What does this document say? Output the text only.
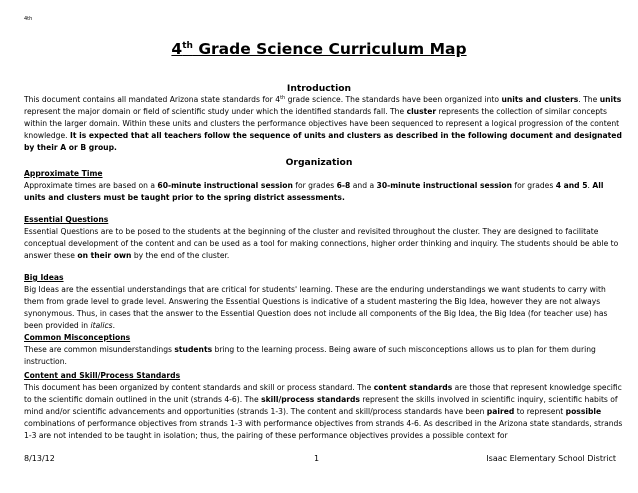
4th
4th Grade Science Curriculum Map
Introduction

This document contains all mandated Arizona state standards for 4th grade science. The standards have been organized into units and clusters. The units represent the major domain or field of scientific study under which the identified standards fall. The cluster represents the collection of similar concepts within the larger domain. Within these units and clusters the performance objectives have been sequenced to represent a logical progression of the content knowledge. It is expected that all teachers follow the sequence of units and clusters as described in the following document and designated by their A or B group.

Organization
Approximate Time

Approximate times are based on a 60-minute instructional session for grades 6-8 and a 30-minute instructional session for grades 4 and 5. All units and clusters must be taught prior to the spring district assessments.

Essential Questions

Essential Questions are to be posed to the students at the beginning of the cluster and revisited throughout the cluster. They are designed to facilitate conceptual development of the content and can be used as a tool for making connections, higher order thinking and inquiry. The students should be able to answer these on their own by the end of the cluster.

Big Ideas

Big Ideas are the essential understandings that are critical for students' learning. These are the enduring understandings we want students to carry with them from grade level to grade level. Answering the Essential Questions is indicative of a student mastering the Big Idea, however they are not always synonymous. Thus, in cases that the answer to the Essential Question does not include all components of the Big Idea, the Big Idea (for teacher use) has been provided in italics.

Common Misconceptions

These are common misunderstandings students bring to the learning process. Being aware of such misconceptions allows us to plan for them during instruction.

Content and Skill/Process Standards

This document has been organized by content standards and skill or process standard. The content standards are those that represent knowledge specific to the scientific domain outlined in the unit (strands 4-6). The skill/process standards represent the skills involved in scientific inquiry, scientific habits of mind and/or scientific advancements and opportunities (strands 1-3). The content and skill/process standards have been paired to represent possible combinations of performance objectives from strands 1-3 with performance objectives from strands 4-6. As described in the Arizona state standards, strands 1-3 are not intended to be taught in isolation; thus, the pairing of these performance objectives provides a possible context for

8/13/12	1	Isaac Elementary School District
